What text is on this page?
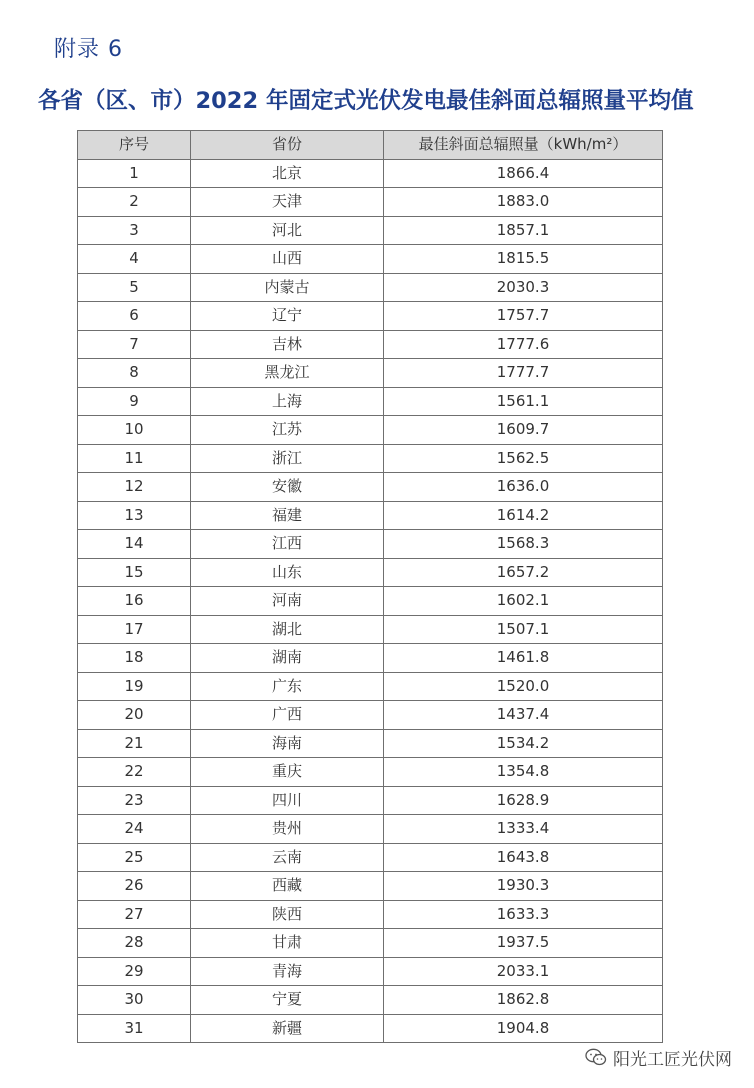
附录 6
各省（区、市）2022 年固定式光伏发电最佳斜面总辐照量平均值
序号	省份	最佳斜面总辐照量（kWh/m²）
1	北京	1866.4
2	天津	1883.0
3	河北	1857.1
4	山西	1815.5
5	内蒙古	2030.3
6	辽宁	1757.7
7	吉林	1777.6
8	黑龙江	1777.7
9	上海	1561.1
10	江苏	1609.7
11	浙江	1562.5
12	安徽	1636.0
13	福建	1614.2
14	江西	1568.3
15	山东	1657.2
16	河南	1602.1
17	湖北	1507.1
18	湖南	1461.8
19	广东	1520.0
20	广西	1437.4
21	海南	1534.2
22	重庆	1354.8
23	四川	1628.9
24	贵州	1333.4
25	云南	1643.8
26	西藏	1930.3
27	陕西	1633.3
28	甘肃	1937.5
29	青海	2033.1
30	宁夏	1862.8
31	新疆	1904.8
阳光工匠光伏网
